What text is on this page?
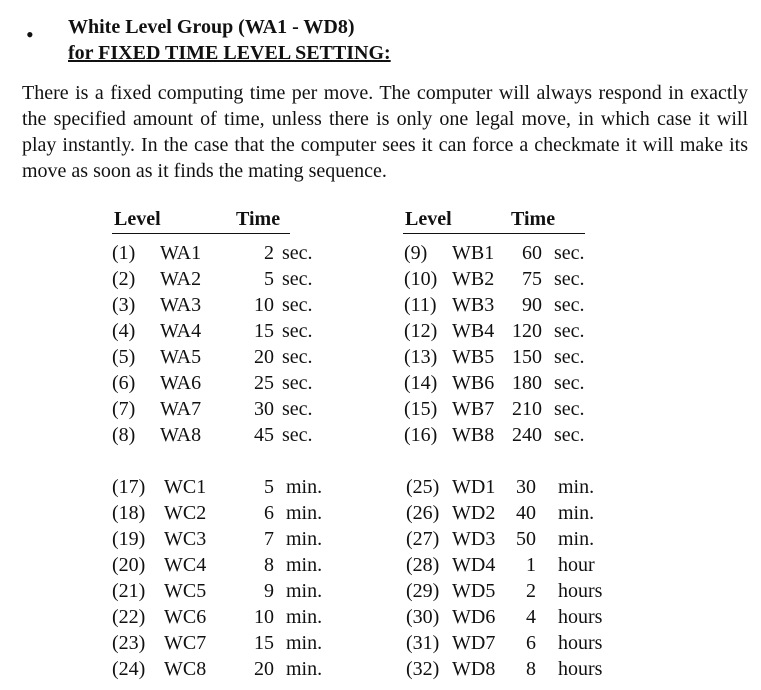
• White Level Group (WA1 - WD8)
for FIXED TIME LEVEL SETTING:

There is a fixed computing time per move. The computer will always respond in exactly the specified amount of time, unless there is only one legal move, in which case it will play instantly. In the case that the computer sees it can force a checkmate it will make its move as soon as it finds the mating sequence.

Level	Time	Level	Time
(1)	WA1	2 sec.
(2)	WA2	5 sec.
(3)	WA3	10 sec.
(4)	WA4	15 sec.
(5)	WA5	20 sec.
(6)	WA6	25 sec.
(7)	WA7	30 sec.
(8)	WA8	45 sec.
(9)	WB1	60 sec.
(10) WB2	75 sec.
(11) WB3	90 sec.
(12) WB4 120 sec.
(13) WB5 150 sec.
(14) WB6 180 sec.
(15) WB7 210 sec.
(16) WB8 240 sec.
(17) WC1	5 min.
(18) WC2	6 min.
(19) WC3	7 min.
(20) WC4	8 min.
(21) WC5	9 min.
(22) WC6	10 min.
(23) WC7	15 min.
(24) WC8	20 min.
(25) WD1	30 min.
(26) WD2	40 min.
(27) WD3	50 min.
(28) WD4	1 hour
(29) WD5	2 hours
(30) WD6	4 hours
(31) WD7	6 hours
(32) WD8	8 hours
